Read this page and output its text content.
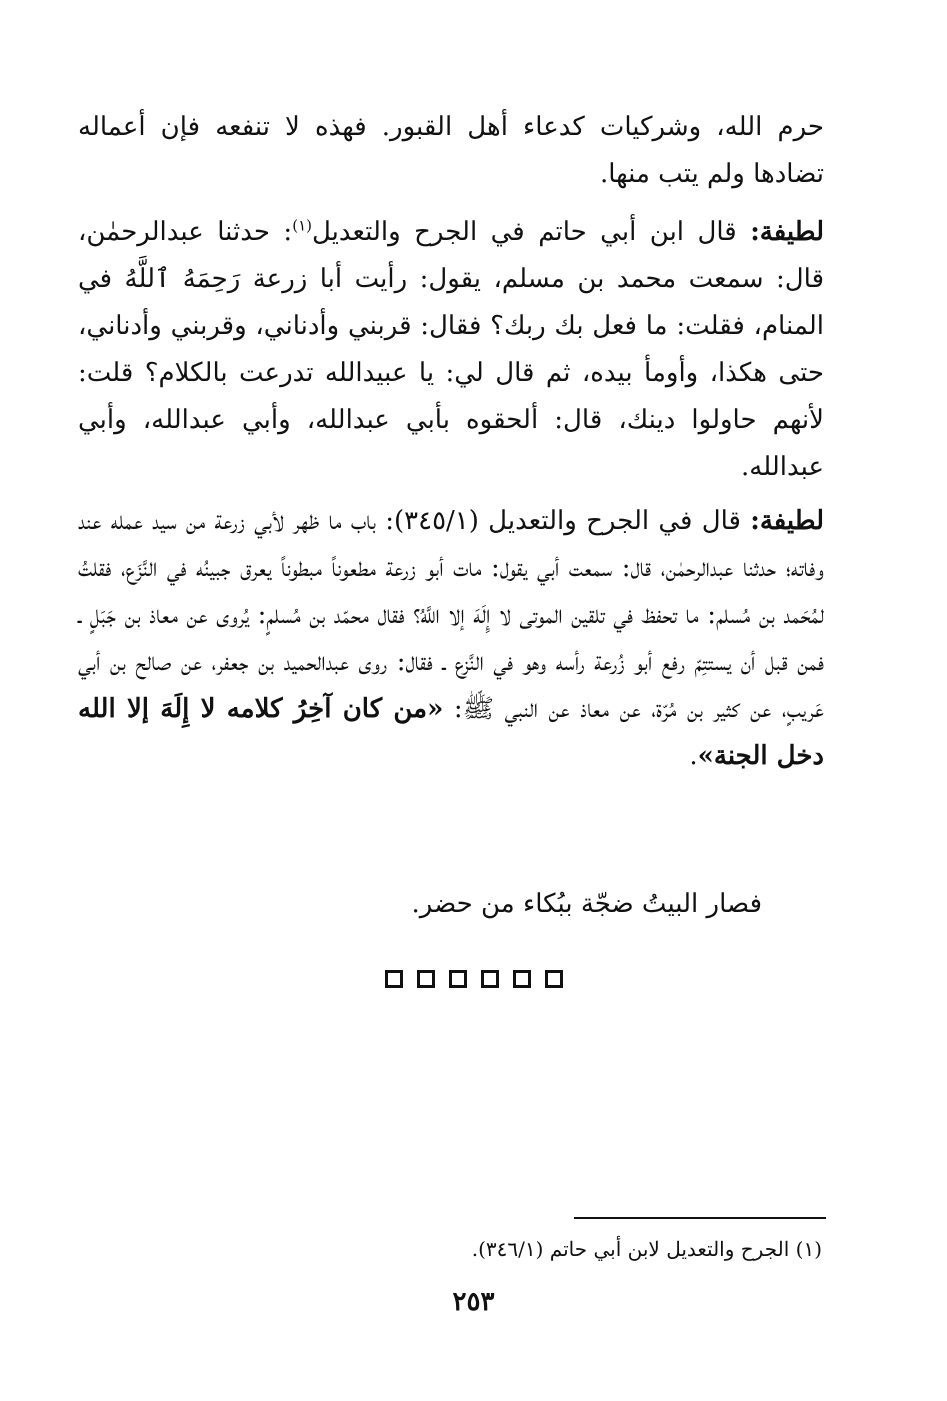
حرم الله، وشركيات كدعاء أهل القبور. فهذه لا تنفعه فإن أعماله تضادها ولم يتب منها.

لطيفة: قال ابن أبي حاتم في الجرح والتعديل$^{(١)}$: حدثنا عبدالرحمٰن، قال: سمعت محمد بن مسلم، يقول: رأيت أبا زرعة رَحِمَهُ ٱللَّهُ في المنام، فقلت: ما فعل بك ربك؟ فقال: قربني وأدناني، وقربني وأدناني، حتى هكذا، وأومأ بيده، ثم قال لي: يا عبيدالله تدرعت بالكلام؟ قلت: لأنهم حاولوا دينك، قال: ألحقوه بأبي عبدالله، وأبي عبدالله، وأبي عبدالله.

لطيفة: قال في الجرح والتعديل (٣٤٥/١): باب ما ظهر لأبي زرعة من سيد عمله عند وفاته؛ حدثنا عبدالرحمٰن، قال: سمعت أبي يقول: مات أبو زرعة مطعوناً مبطوناً يعرق جبينُه في النَّزَع، فقلتُ لمُحَمد بن مُسلم: ما تحفظ في تلقين الموتى لا إِلَهَ إلا اللَّهُ؟ فقال محمّد بن مُسلمٍ: يُروى عن معاذ بن جَبَلٍ ـ فمن قبل أن يستتِمّ رفع أبو زُرعة رأسه وهو في النَّزع ـ فقال: روى عبدالحميد بن جعفر، عن صالح بن أبي عَريبٍ، عن كثير بن مُرّة، عن معاذ عن النبي ﷺ: «من كان آخِرُ كلامه لا إِلَهَ إلا الله دخل الجنة».

فصار البيتُ ضجّة ببُكاء من حضر.

(١) الجرح والتعديل لابن أبي حاتم (٣٤٦/١).
٢٥٣
